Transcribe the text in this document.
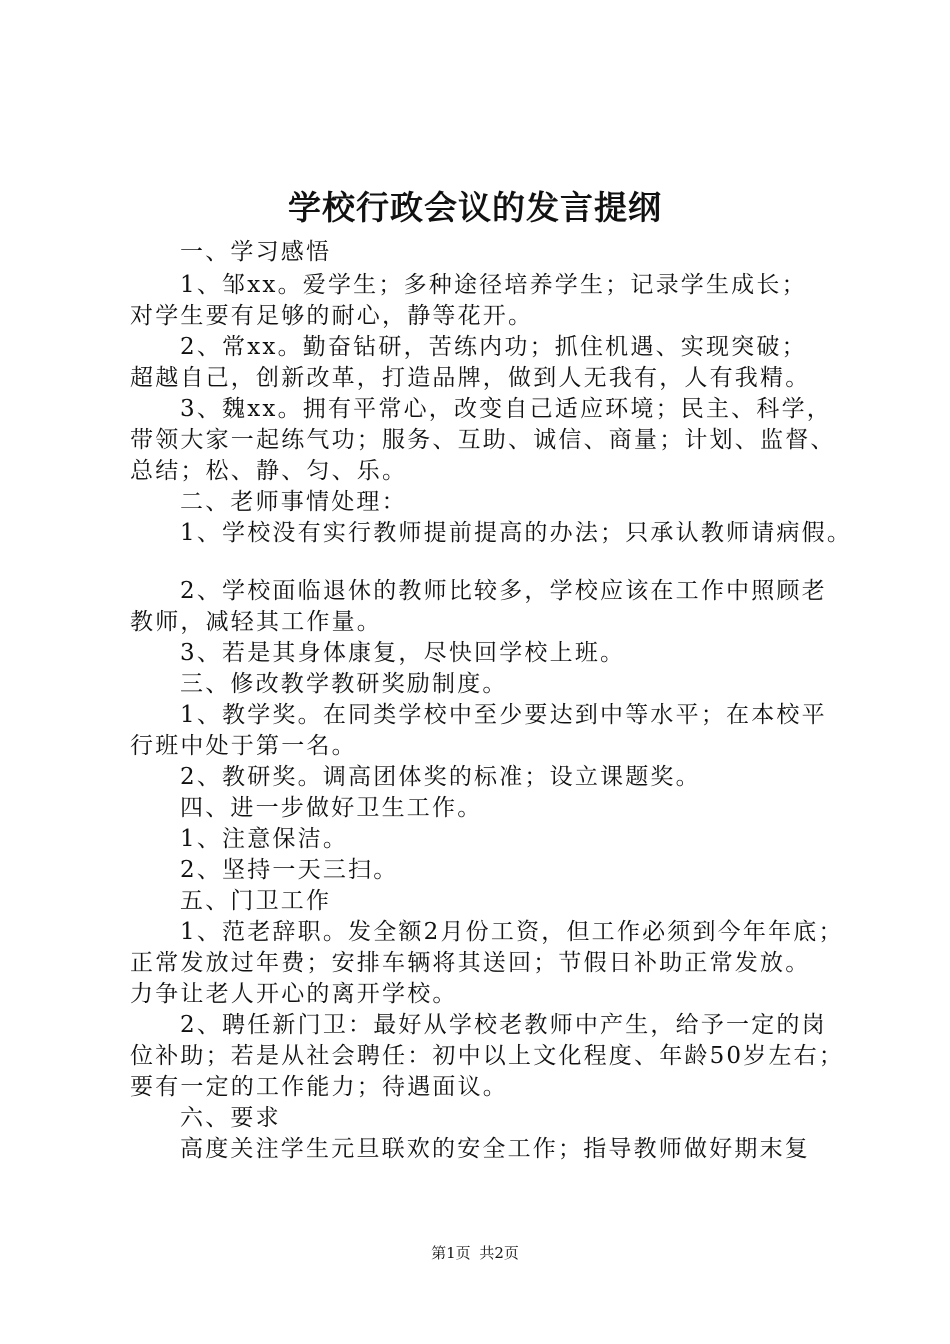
学校行政会议的发言提纲
一、学习感悟
1、邹xx。爱学生；多种途径培养学生；记录学生成长；
对学生要有足够的耐心，静等花开。
2、常xx。勤奋钻研，苦练内功；抓住机遇、实现突破；
超越自己，创新改革，打造品牌，做到人无我有，人有我精。
3、魏xx。拥有平常心，改变自己适应环境；民主、科学，
带领大家一起练气功；服务、互助、诚信、商量；计划、监督、
总结；松、静、匀、乐。
二、老师事情处理：
1、学校没有实行教师提前提高的办法；只承认教师请病假。
2、学校面临退休的教师比较多，学校应该在工作中照顾老
教师，减轻其工作量。
3、若是其身体康复，尽快回学校上班。
三、修改教学教研奖励制度。
1、教学奖。在同类学校中至少要达到中等水平；在本校平
行班中处于第一名。
2、教研奖。调高团体奖的标准；设立课题奖。
四、进一步做好卫生工作。
1、注意保洁。
2、坚持一天三扫。
五、门卫工作
1、范老辞职。发全额2月份工资，但工作必须到今年年底；
正常发放过年费；安排车辆将其送回；节假日补助正常发放。
力争让老人开心的离开学校。
2、聘任新门卫：最好从学校老教师中产生，给予一定的岗
位补助；若是从社会聘任：初中以上文化程度、年龄50岁左右；
要有一定的工作能力；待遇面议。
六、要求
高度关注学生元旦联欢的安全工作；指导教师做好期末复
第1页 共2页
